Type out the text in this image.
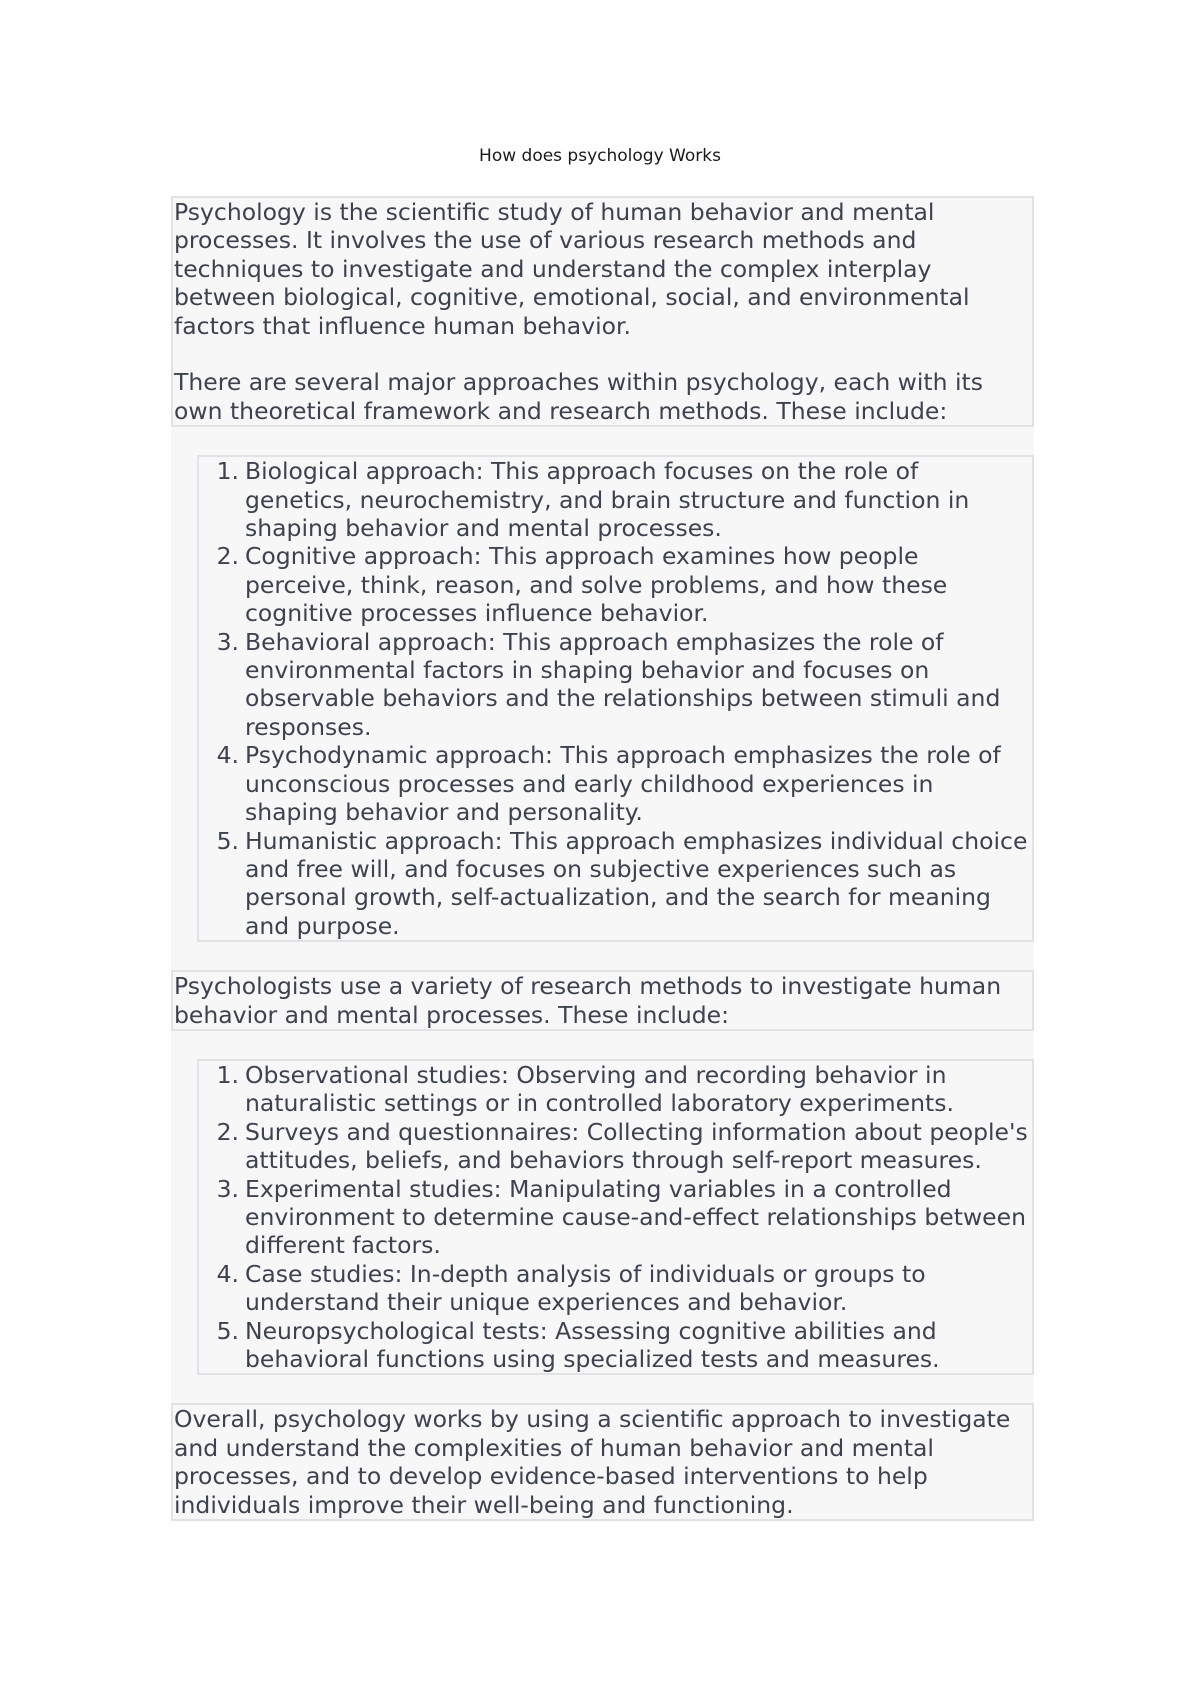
How does psychology Works

Psychology is the scientific study of human behavior and mental processes. It involves the use of various research methods and techniques to investigate and understand the complex interplay between biological, cognitive, emotional, social, and environmental factors that influence human behavior.

There are several major approaches within psychology, each with its own theoretical framework and research methods. These include:

1. Biological approach: This approach focuses on the role of genetics, neurochemistry, and brain structure and function in shaping behavior and mental processes.
2. Cognitive approach: This approach examines how people perceive, think, reason, and solve problems, and how these cognitive processes influence behavior.
3. Behavioral approach: This approach emphasizes the role of environmental factors in shaping behavior and focuses on observable behaviors and the relationships between stimuli and responses.
4. Psychodynamic approach: This approach emphasizes the role of unconscious processes and early childhood experiences in shaping behavior and personality.
5. Humanistic approach: This approach emphasizes individual choice and free will, and focuses on subjective experiences such as personal growth, self-actualization, and the search for meaning and purpose.

Psychologists use a variety of research methods to investigate human behavior and mental processes. These include:

1. Observational studies: Observing and recording behavior in naturalistic settings or in controlled laboratory experiments.
2. Surveys and questionnaires: Collecting information about people's attitudes, beliefs, and behaviors through self-report measures.
3. Experimental studies: Manipulating variables in a controlled environment to determine cause-and-effect relationships between different factors.
4. Case studies: In-depth analysis of individuals or groups to understand their unique experiences and behavior.
5. Neuropsychological tests: Assessing cognitive abilities and behavioral functions using specialized tests and measures.

Overall, psychology works by using a scientific approach to investigate and understand the complexities of human behavior and mental processes, and to develop evidence-based interventions to help individuals improve their well-being and functioning.
